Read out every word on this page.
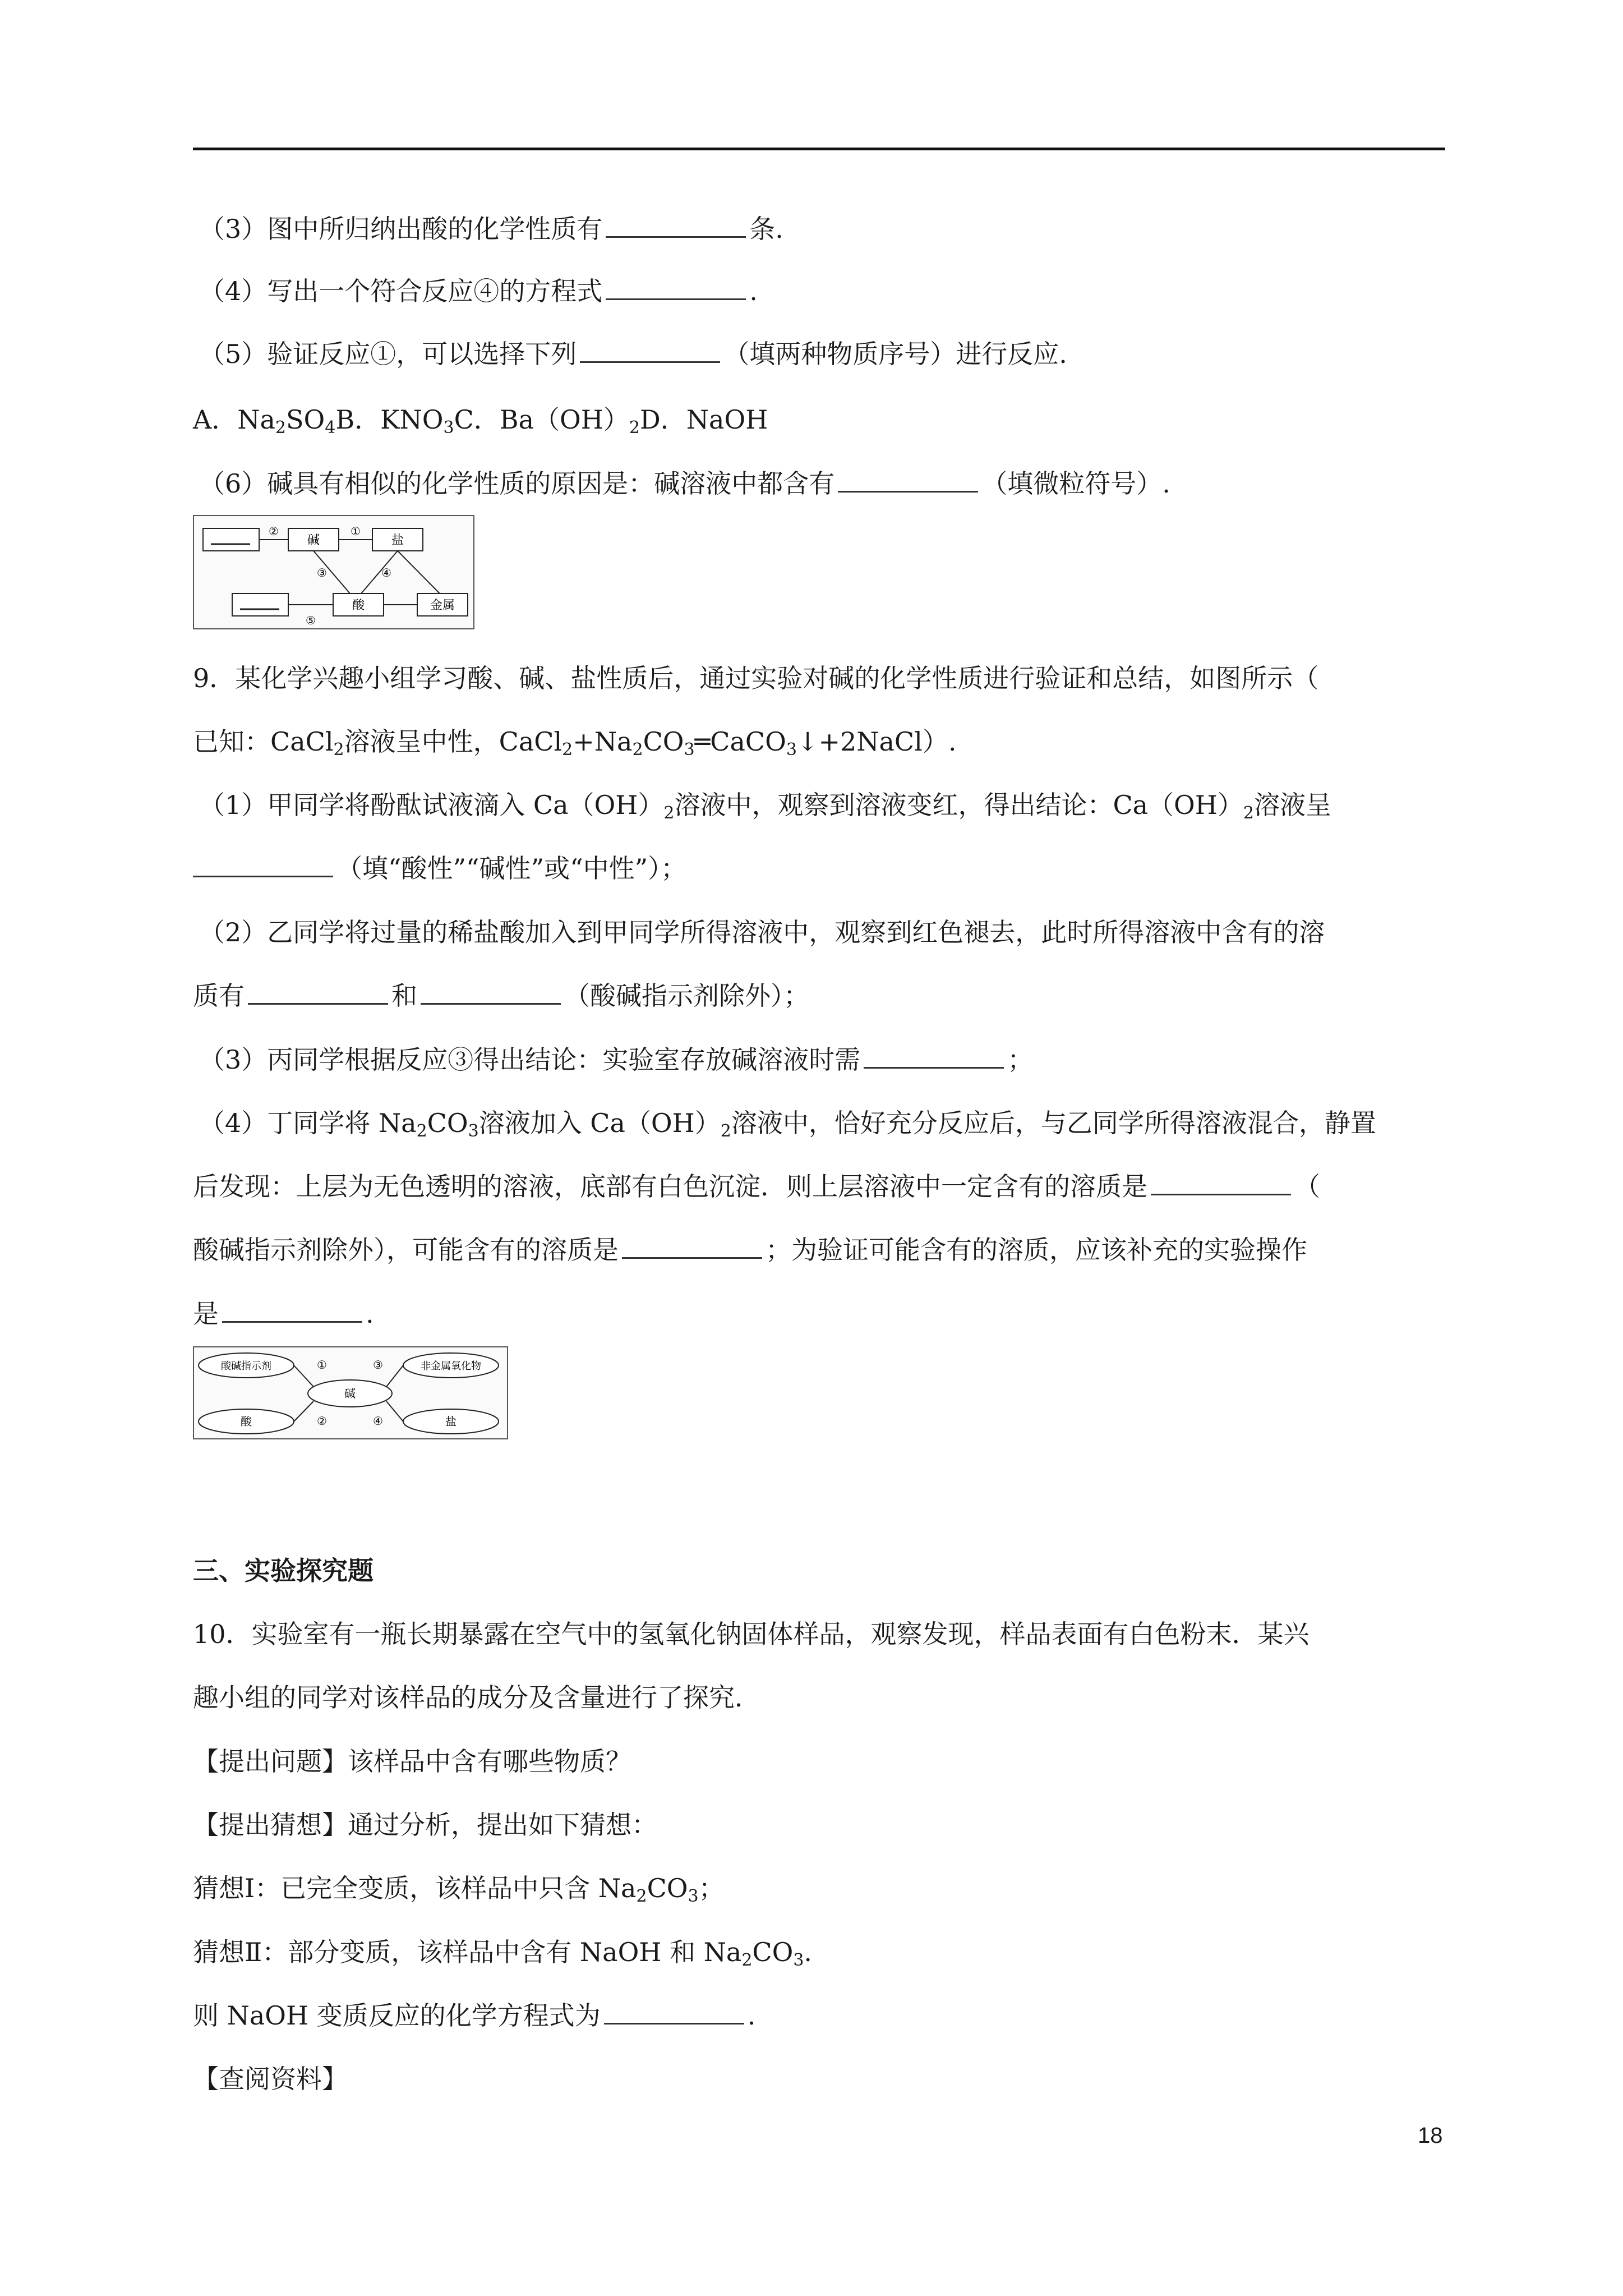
（3）图中所归纳出酸的化学性质有	条.
（4）写出一个符合反应④的方程式	.
（5）验证反应①，可以选择下列	（填两种物质序号）进行反应.
A．$Na_2SO_4B$．$KNO_3C$．$Ba(OH)_2D$．NaOH
（6）碱具有相似的化学性质的原因是：碱溶液中都含有	（填微粒符号）.
碱	盐
酸	金属
②	①
③	④
⑤
9．某化学兴趣小组学习酸、碱、盐性质后，通过实验对碱的化学性质进行验证和总结，如图所示（
已知：CaCl$_2$溶液呈中性，$CaCl_2+Na_2CO_3═CaCO_3↓+2NaCl$）.
（1）甲同学将酚酞试液滴入 $Ca(OH)_2$溶液中，观察到溶液变红，得出结论：$Ca(OH)_2$溶液呈
（填“酸性”“碱性”或“中性”）；
（2）乙同学将过量的稀盐酸加入到甲同学所得溶液中，观察到红色褪去，此时所得溶液中含有的溶
质有	和	（酸碱指示剂除外）；
（3）丙同学根据反应③得出结论：实验室存放碱溶液时需	；
（4）丁同学将 $Na_2CO_3$溶液加入 $Ca(OH)_2$溶液中，恰好充分反应后，与乙同学所得溶液混合，静置
后发现：上层为无色透明的溶液，底部有白色沉淀．则上层溶液中一定含有的溶质是	（
酸碱指示剂除外），可能含有的溶质是	；为验证可能含有的溶质，应该补充的实验操作
是	.
酸碱指示剂	非金属氧化物
碱
酸	盐
①	③
②	④
三、实验探究题
10．实验室有一瓶长期暴露在空气中的氢氧化钠固体样品，观察发现，样品表面有白色粉末．某兴
趣小组的同学对该样品的成分及含量进行了探究．
【提出问题】该样品中含有哪些物质？
【提出猜想】通过分析，提出如下猜想：
猜想Ⅰ：已完全变质，该样品中只含 $Na_2CO_3$；
猜想Ⅱ：部分变质，该样品中含有 NaOH 和 $Na_2CO_3$.
则 NaOH 变质反应的化学方程式为	.
【查阅资料】
18
